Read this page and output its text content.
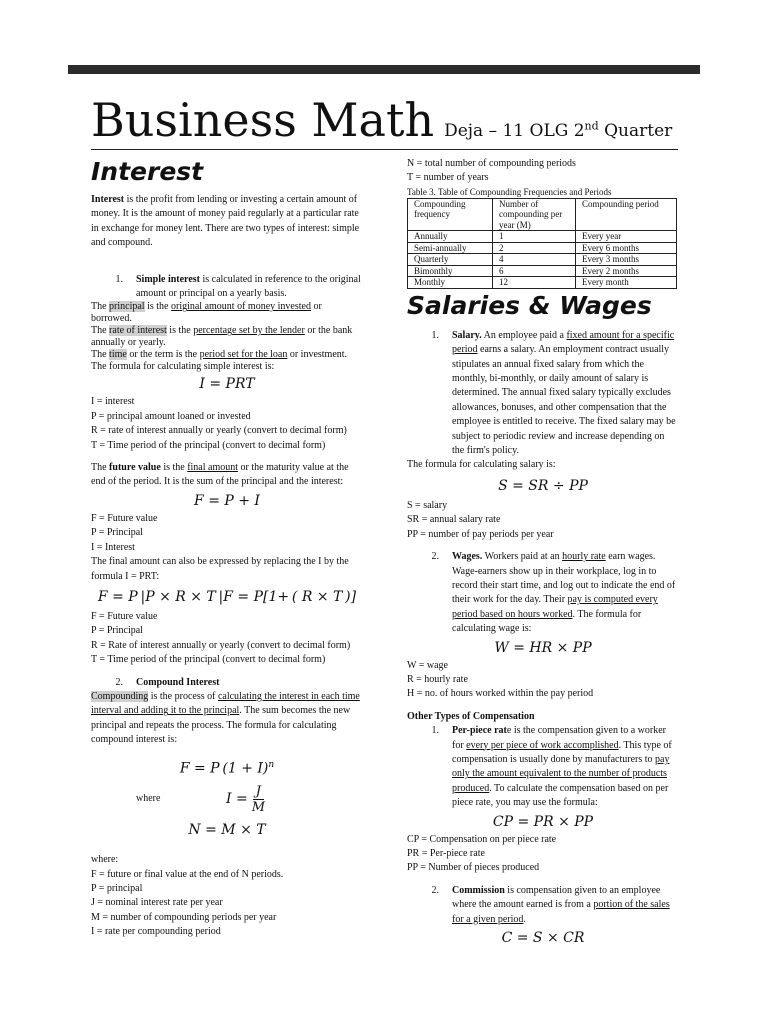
Business Math Deja – 11 OLG 2nd Quarter
Interest

Interest is the profit from lending or investing a certain amount of money. It is the amount of money paid regularly at a particular rate in exchange for money lent. There are two types of interest: simple and compound.

1.	Simple interest is calculated in reference to the original amount or principal on a yearly basis.

The principal is the original amount of money invested or borrowed.

The rate of interest is the percentage set by the lender or the bank annually or yearly.

The time or the term is the period set for the loan or investment.

The formula for calculating simple interest is:

I = PRT

I = interest

P = principal amount loaned or invested

R = rate of interest annually or yearly (convert to decimal form)

T = Time period of the principal (convert to decimal form)

The future value is the final amount or the maturity value at the end of the period. It is the sum of the principal and the interest:

F = P + I

F = Future value

P = Principal

I = Interest

The final amount can also be expressed by replacing the I by the formula I = PRT:

F = P |P × R × T |F = P[1+ ( R × T )]

F = Future value

P = Principal

R = Rate of interest annually or yearly (convert to decimal form)

T = Time period of the principal (convert to decimal form)

2.	Compound Interest

Compounding is the process of calculating the interest in each time interval and adding it to the principal. The sum becomes the new principal and repeats the process. The formula for calculating compound interest is:

F = P $(1 + I)^n$
where	$I = \frac{J}{M}$
N = M × T

where:

F = future or final value at the end of N periods.

P = principal

J = nominal interest rate per year

M = number of compounding periods per year

I = rate per compounding period

N = total number of compounding periods

T = number of years

Table 3. Table of Compounding Frequencies and Periods
Compounding frequency	Number of compounding per year (M)	Compounding period
Annually	1	Every year
Semi-annually	2	Every 6 months
Quarterly	4	Every 3 months
Bimonthly	6	Every 2 months
Monthly	12	Every month
Salaries & Wages
1.	Salary. An employee paid a fixed amount for a specific period earns a salary. An employment contract usually stipulates an annual fixed salary from which the monthly, bi-monthly, or daily amount of salary is determined. The annual fixed salary typically excludes allowances, bonuses, and other compensation that the employee is entitled to receive. The fixed salary may be subject to periodic review and increase depending on the firm's policy.

The formula for calculating salary is:

S = SR ÷ PP

S = salary

SR = annual salary rate

PP = number of pay periods per year

2.	Wages. Workers paid at an hourly rate earn wages. Wage-earners show up in their workplace, log in to record their start time, and log out to indicate the end of their work for the day. Their pay is computed every period based on hours worked. The formula for calculating wage is:
W = HR × PP

W = wage

R = hourly rate

H = no. of hours worked within the pay period

Other Types of Compensation

1.	Per-piece rate is the compensation given to a worker for every per piece of work accomplished. This type of compensation is usually done by manufacturers to pay only the amount equivalent to the number of products produced. To calculate the compensation based on per piece rate, you may use the formula:
CP = PR × PP

CP = Compensation on per piece rate

PR = Per-piece rate

PP = Number of pieces produced

2.	Commission is compensation given to an employee where the amount earned is from a portion of the sales for a given period.
C = S × CR
